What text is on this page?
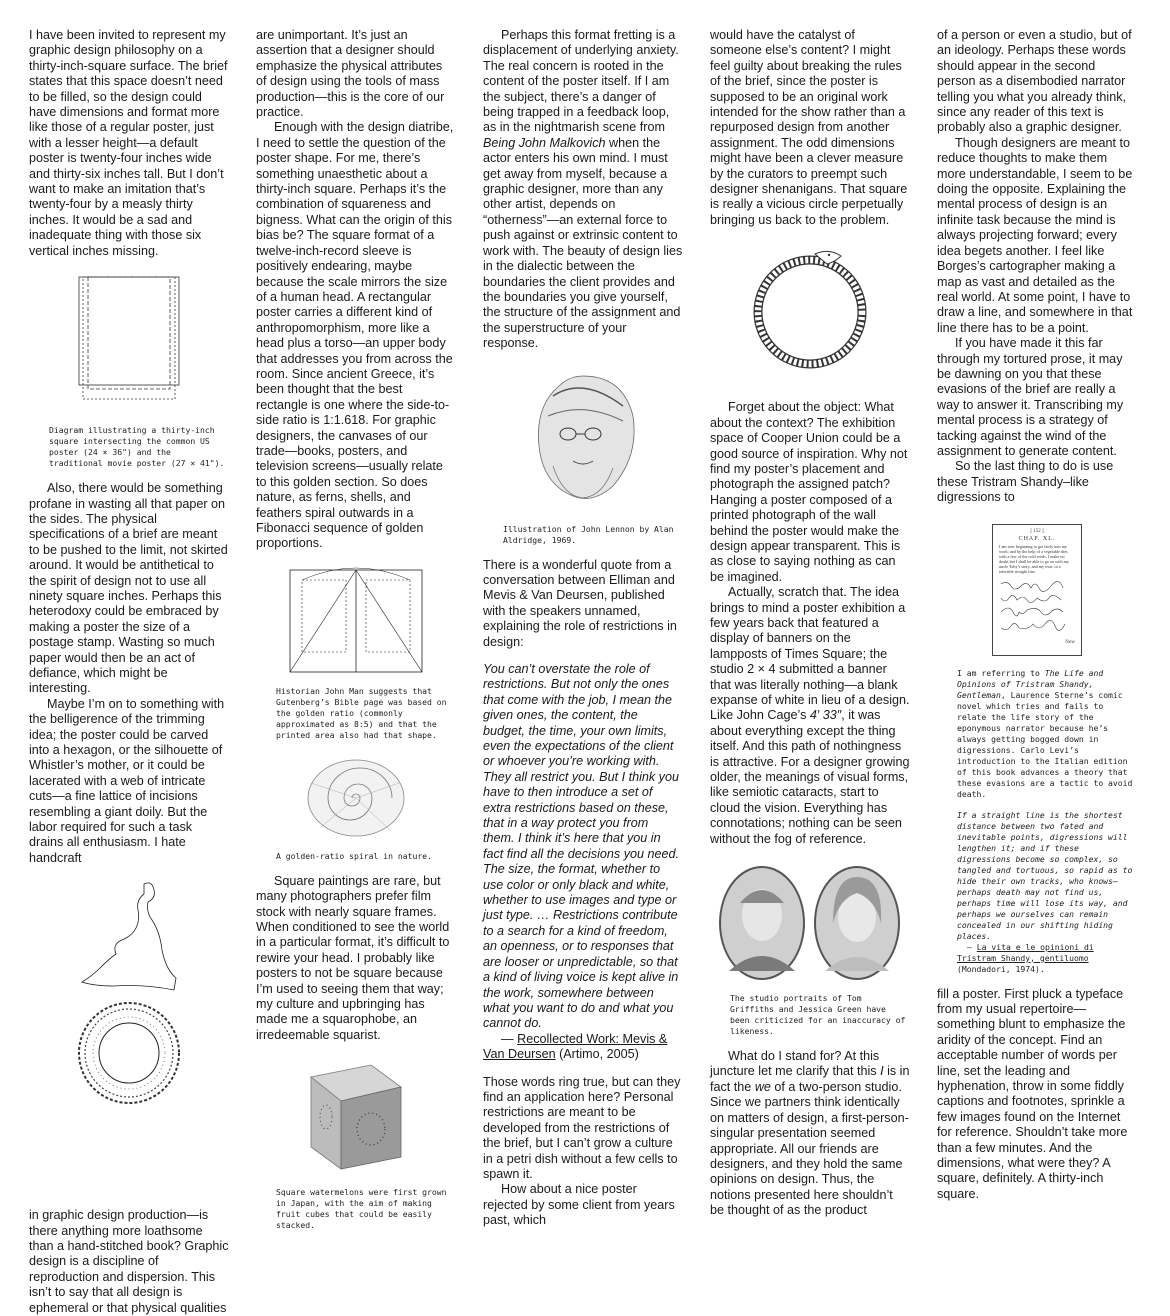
I have been invited to represent my graphic design philosophy on a thirty-inch-square surface. The brief states that this space doesn’t need to be filled, so the design could have dimensions and format more like those of a regular poster, just with a lesser height—a default poster is twenty-four inches wide and thirty-six inches tall. But I don’t want to make an imitation that’s twenty-four by a measly thirty inches. It would be a sad and inadequate thing with those six vertical inches missing.

Diagram illustrating a thirty-inch square intersecting the common US poster (24 × 36") and the traditional movie poster (27 × 41").

Also, there would be something profane in wasting all that paper on the sides. The physical specifications of a brief are meant to be pushed to the limit, not skirted around. It would be antithetical to the spirit of design not to use all ninety square inches. Perhaps this heterodoxy could be embraced by making a poster the size of a postage stamp. Wasting so much paper would then be an act of defiance, which might be interesting.

Maybe I’m on to something with the belligerence of the trimming idea; the poster could be carved into a hexagon, or the silhouette of Whistler’s mother, or it could be lacerated with a web of intricate cuts—a fine lattice of incisions resembling a giant doily. But the labor required for such a task drains all enthusiasm. I hate handcraft

in graphic design production—is there anything more loathsome than a hand-stitched book? Graphic design is a discipline of reproduction and dispersion. This isn’t to say that all design is ephemeral or that physical qualities

are unimportant. It’s just an assertion that a designer should emphasize the physical attributes of design using the tools of mass production—this is the core of our practice.

Enough with the design diatribe, I need to settle the question of the poster shape. For me, there’s something unaesthetic about a thirty-inch square. Perhaps it’s the combination of squareness and bigness. What can the origin of this bias be? The square format of a twelve-inch-record sleeve is positively endearing, maybe because the scale mirrors the size of a human head. A rectangular poster carries a different kind of anthropomorphism, more like a head plus a torso—an upper body that addresses you from across the room. Since ancient Greece, it’s been thought that the best rectangle is one where the side-to-side ratio is 1:1.618. For graphic designers, the canvases of our trade—books, posters, and television screens—usually relate to this golden section. So does nature, as ferns, shells, and feathers spiral outwards in a Fibonacci sequence of golden proportions.

Historian John Man suggests that Gutenberg’s Bible page was based on the golden ratio (commonly approximated as 8:5) and that the printed area also had that shape.

A golden-ratio spiral in nature.

Square paintings are rare, but many photographers prefer film stock with nearly square frames. When conditioned to see the world in a particular format, it’s difficult to rewire your head. I probably like posters to not be square because I’m used to seeing them that way; my culture and upbringing has made me a squarophobe, an irredeemable squarist.

Square watermelons were first grown in Japan, with the aim of making fruit cubes that could be easily stacked.

Perhaps this format fretting is a displacement of underlying anxiety. The real concern is rooted in the content of the poster itself. If I am the subject, there’s a danger of being trapped in a feedback loop, as in the nightmarish scene from Being John Malkovich when the actor enters his own mind. I must get away from myself, because a graphic designer, more than any other artist, depends on “otherness”—an external force to push against or extrinsic content to work with. The beauty of design lies in the dialectic between the boundaries the client provides and the boundaries you give yourself, the structure of the assignment and the superstructure of your response.

Illustration of John Lennon by Alan Aldridge, 1969.

There is a wonderful quote from a conversation between Elliman and Mevis & Van Deursen, published with the speakers unnamed, explaining the role of restrictions in design:

You can’t overstate the role of restrictions. But not only the ones that come with the job, I mean the given ones, the content, the budget, the time, your own limits, even the expectations of the client or whoever you’re working with. They all restrict you. But I think you have to then introduce a set of extra restrictions based on these, that in a way protect you from them. I think it’s here that you in fact find all the decisions you need. The size, the format, whether to use color or only black and white, whether to use images and type or just type. … Restrictions contribute to a search for a kind of freedom, an openness, or to responses that are looser or unpredictable, so that a kind of living voice is kept alive in the work, somewhere between what you want to do and what you cannot do.

— Recollected Work: Mevis & Van Deursen (Artimo, 2005)

Those words ring true, but can they find an application here? Personal restrictions are meant to be developed from the restrictions of the brief, but I can’t grow a culture in a petri dish without a few cells to spawn it.

How about a nice poster rejected by some client from years past, which

would have the catalyst of someone else’s content? I might feel guilty about breaking the rules of the brief, since the poster is supposed to be an original work intended for the show rather than a repurposed design from another assignment. The odd dimensions might have been a clever measure by the curators to preempt such designer shenanigans. That square is really a vicious circle perpetually bringing us back to the problem.

Forget about the object: What about the context? The exhibition space of Cooper Union could be a good source of inspiration. Why not find my poster’s placement and photograph the assigned patch? Hanging a poster composed of a printed photograph of the wall behind the poster would make the design appear transparent. This is as close to saying nothing as can be imagined.

Actually, scratch that. The idea brings to mind a poster exhibition a few years back that featured a display of banners on the lampposts of Times Square; the studio 2 × 4 submitted a banner that was literally nothing—a blank expanse of white in lieu of a design. Like John Cage’s 4′ 33″, it was about everything except the thing itself. And this path of nothingness is attractive. For a designer growing older, the meanings of visual forms, like semiotic cataracts, start to cloud the vision. Everything has connotations; nothing can be seen without the fog of reference.

The studio portraits of Tom Griffiths and Jessica Green have been criticized for an inaccuracy of likeness.

What do I stand for? At this juncture let me clarify that this I is in fact the we of a two-person studio. Since we partners think identically on matters of design, a first-person-singular presentation seemed appropriate. All our friends are designers, and they hold the same opinions on design. Thus, the notions presented here shouldn’t be thought of as the product

of a person or even a studio, but of an ideology. Perhaps these words should appear in the second person as a disembodied narrator telling you what you already think, since any reader of this text is probably also a graphic designer.

Though designers are meant to reduce thoughts to make them more understandable, I seem to be doing the opposite. Explaining the mental process of design is an infinite task because the mind is always projecting forward; every idea begets another. I feel like Borges’s cartographer making a map as vast and detailed as the real world. At some point, I have to draw a line, and somewhere in that line there has to be a point.

If you have made it this far through my tortured prose, it may be dawning on you that these evasions of the brief are really a way to answer it. Transcribing my mental process is a strategy of tacking against the wind of the assignment to generate content.

So the last thing to do is use these Tristram Shandy–like digressions to

[ 152 ]
CHAP. XL.
I am now beginning to get fairly into my work; and by the help of a vegetable diet, with a few of the cold seeds, I make no doubt but I shall be able to go on with my uncle Toby’s story, and my own, in a tolerable straight line.
Now

I am referring to The Life and Opinions of Tristram Shandy, Gentleman, Laurence Sterne’s comic novel which tries and fails to relate the life story of the eponymous narrator because he’s always getting bogged down in digressions. Carlo Levi’s introduction to the Italian edition of this book advances a theory that these evasions are a tactic to avoid death.

If a straight line is the shortest distance between two fated and inevitable points, digressions will lengthen it; and if these digressions become so complex, so tangled and tortuous, so rapid as to hide their own tracks, who knows—perhaps death may not find us, perhaps time will lose its way, and perhaps we ourselves can remain concealed in our shifting hiding places.

— La vita e le opinioni di Tristram Shandy, gentiluomo (Mondadori, 1974).

fill a poster. First pluck a typeface from my usual repertoire—something blunt to emphasize the aridity of the concept. Find an acceptable number of words per line, set the leading and hyphenation, throw in some fiddly captions and footnotes, sprinkle a few images found on the Internet for reference. Shouldn’t take more than a few minutes. And the dimensions, what were they? A square, definitely. A thirty-inch square.
